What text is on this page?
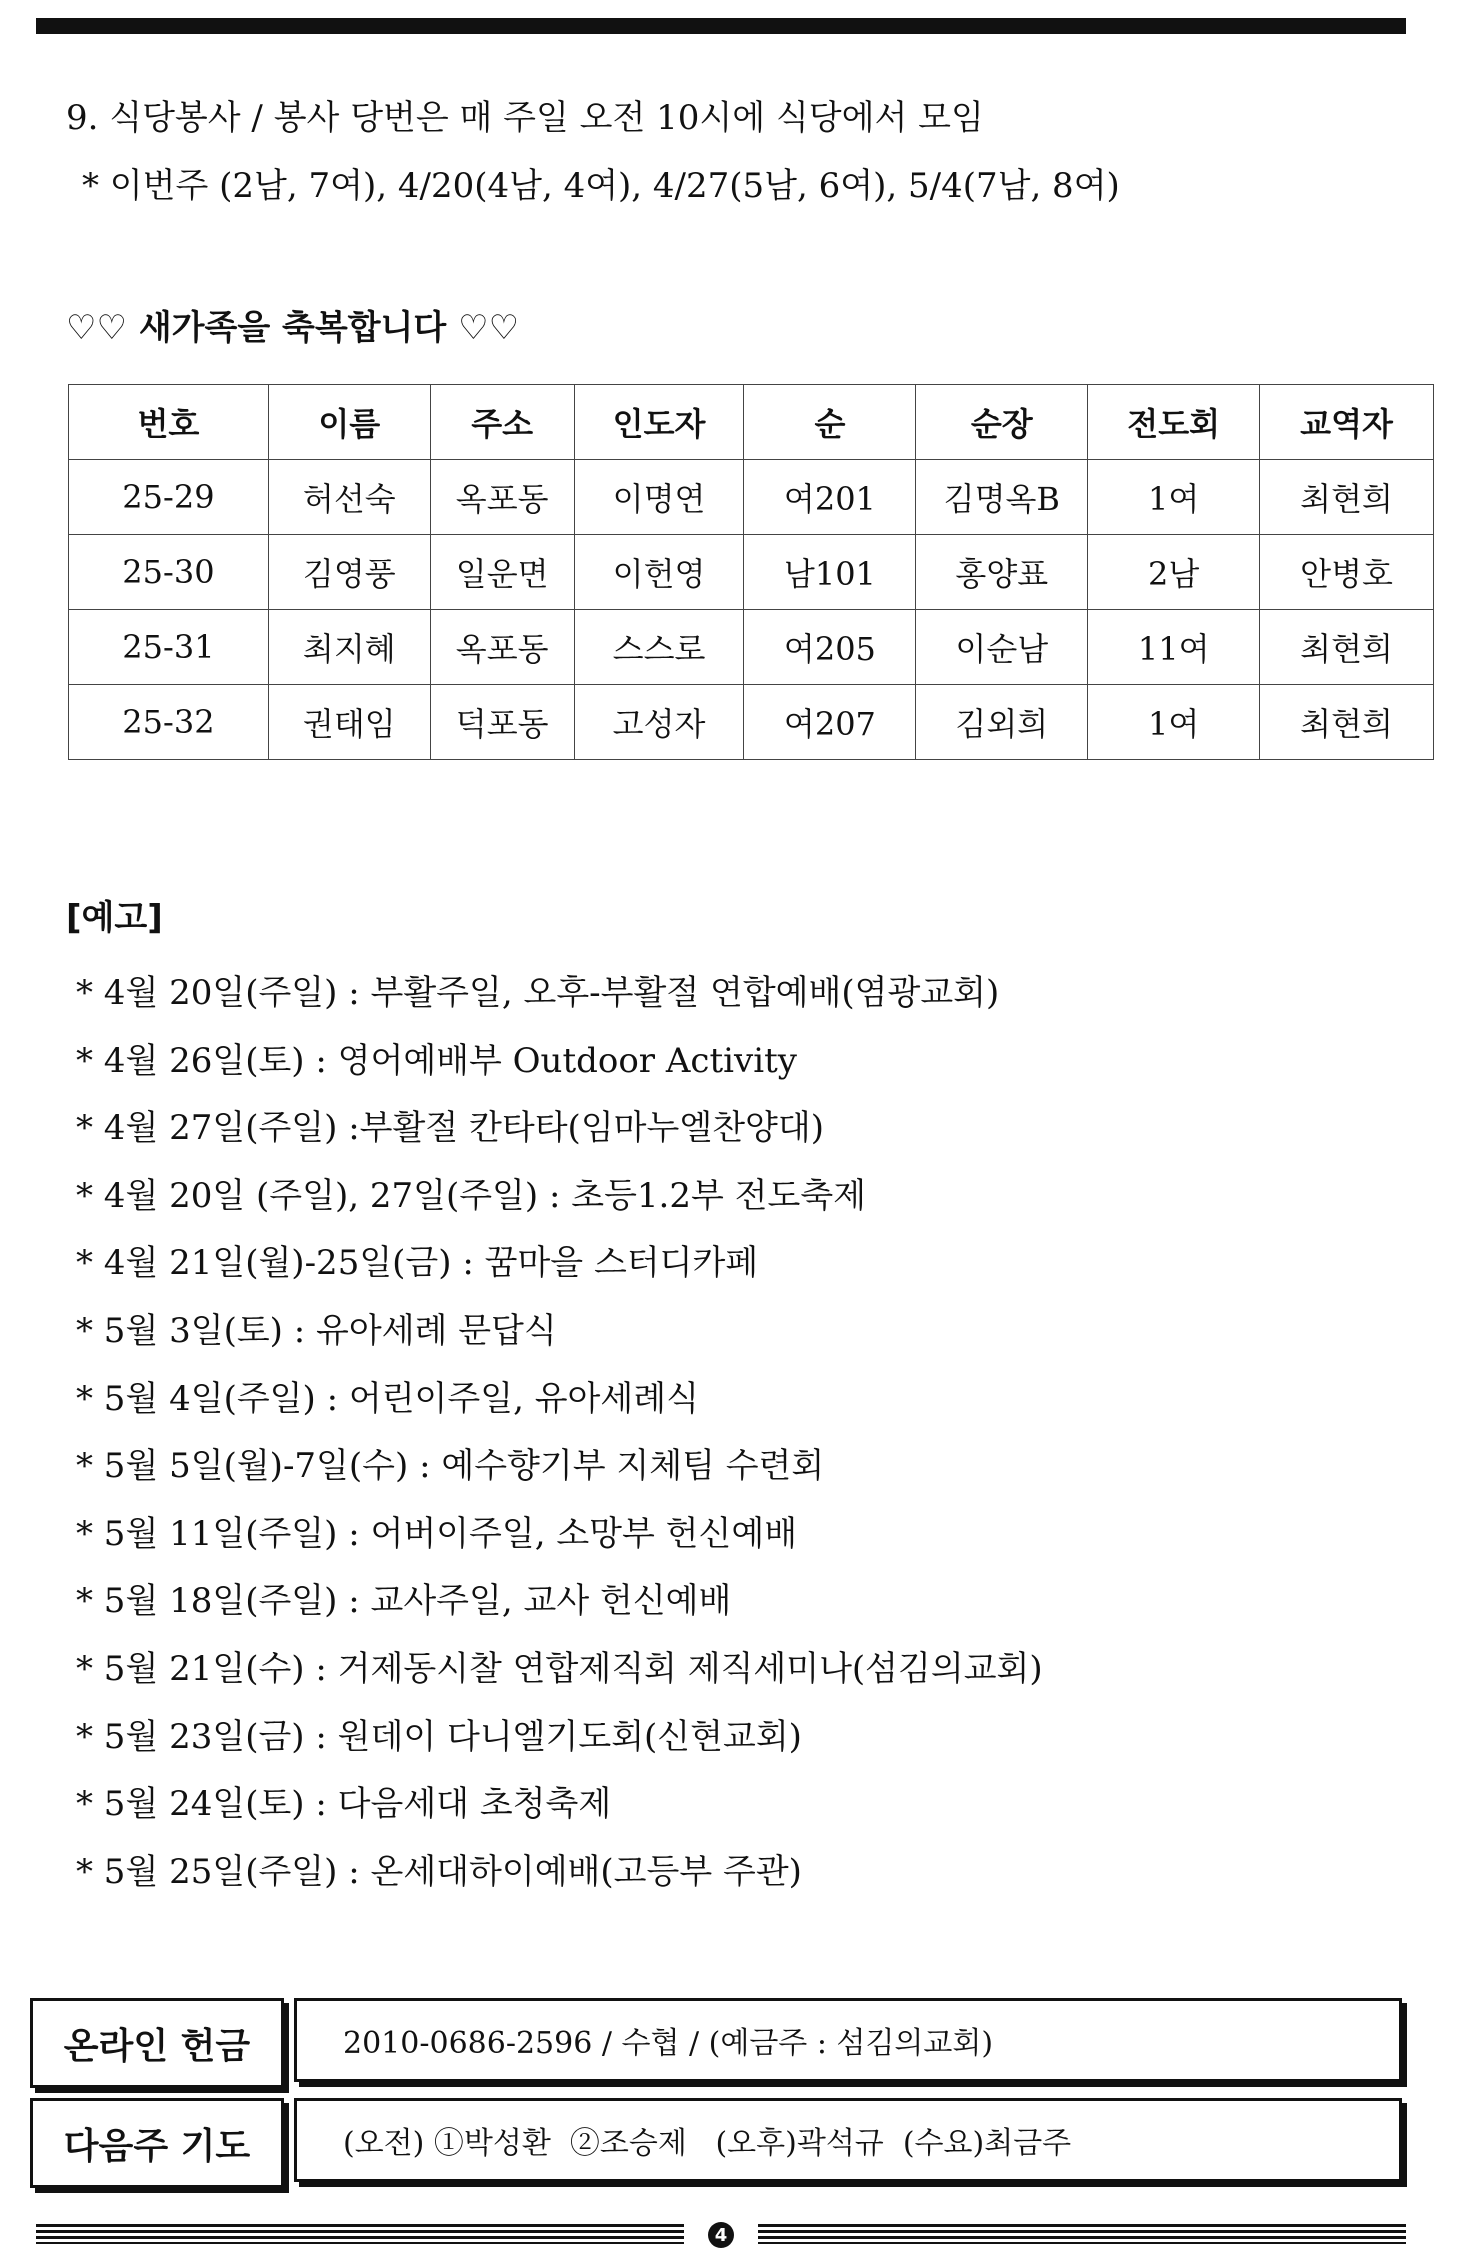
9. 식당봉사 / 봉사 당번은 매 주일 오전 10시에 식당에서 모임
* 이번주 (2남, 7여), 4/20(4남, 4여), 4/27(5남, 6여), 5/4(7남, 8여)
♡♡ 새가족을 축복합니다 ♡♡
번호	이름	주소	인도자	순	순장	전도회	교역자
25-29	허선숙	옥포동	이명연	여201	김명옥B	1여	최현희
25-30	김영풍	일운면	이헌영	남101	홍양표	2남	안병호
25-31	최지혜	옥포동	스스로	여205	이순남	11여	최현희
25-32	권태임	덕포동	고성자	여207	김외희	1여	최현희
[예고]
* 4월 20일(주일) : 부활주일, 오후-부활절 연합예배(염광교회)
* 4월 26일(토) : 영어예배부 Outdoor Activity
* 4월 27일(주일) :부활절 칸타타(임마누엘찬양대)
* 4월 20일 (주일), 27일(주일) : 초등1.2부 전도축제
* 4월 21일(월)-25일(금) : 꿈마을 스터디카페
* 5월 3일(토) : 유아세례 문답식
* 5월 4일(주일) : 어린이주일, 유아세례식
* 5월 5일(월)-7일(수) : 예수향기부 지체팀 수련회
* 5월 11일(주일) : 어버이주일, 소망부 헌신예배
* 5월 18일(주일) : 교사주일, 교사 헌신예배
* 5월 21일(수) : 거제동시찰 연합제직회 제직세미나(섬김의교회)
* 5월 23일(금) : 원데이 다니엘기도회(신현교회)
* 5월 24일(토) : 다음세대 초청축제
* 5월 25일(주일) : 온세대하이예배(고등부 주관)
온라인 헌금	2010-0686-2596 / 수협 / (예금주 : 섬김의교회)
다음주 기도	(오전) ①박성환  ②조승제   (오후)곽석규  (수요)최금주
4
